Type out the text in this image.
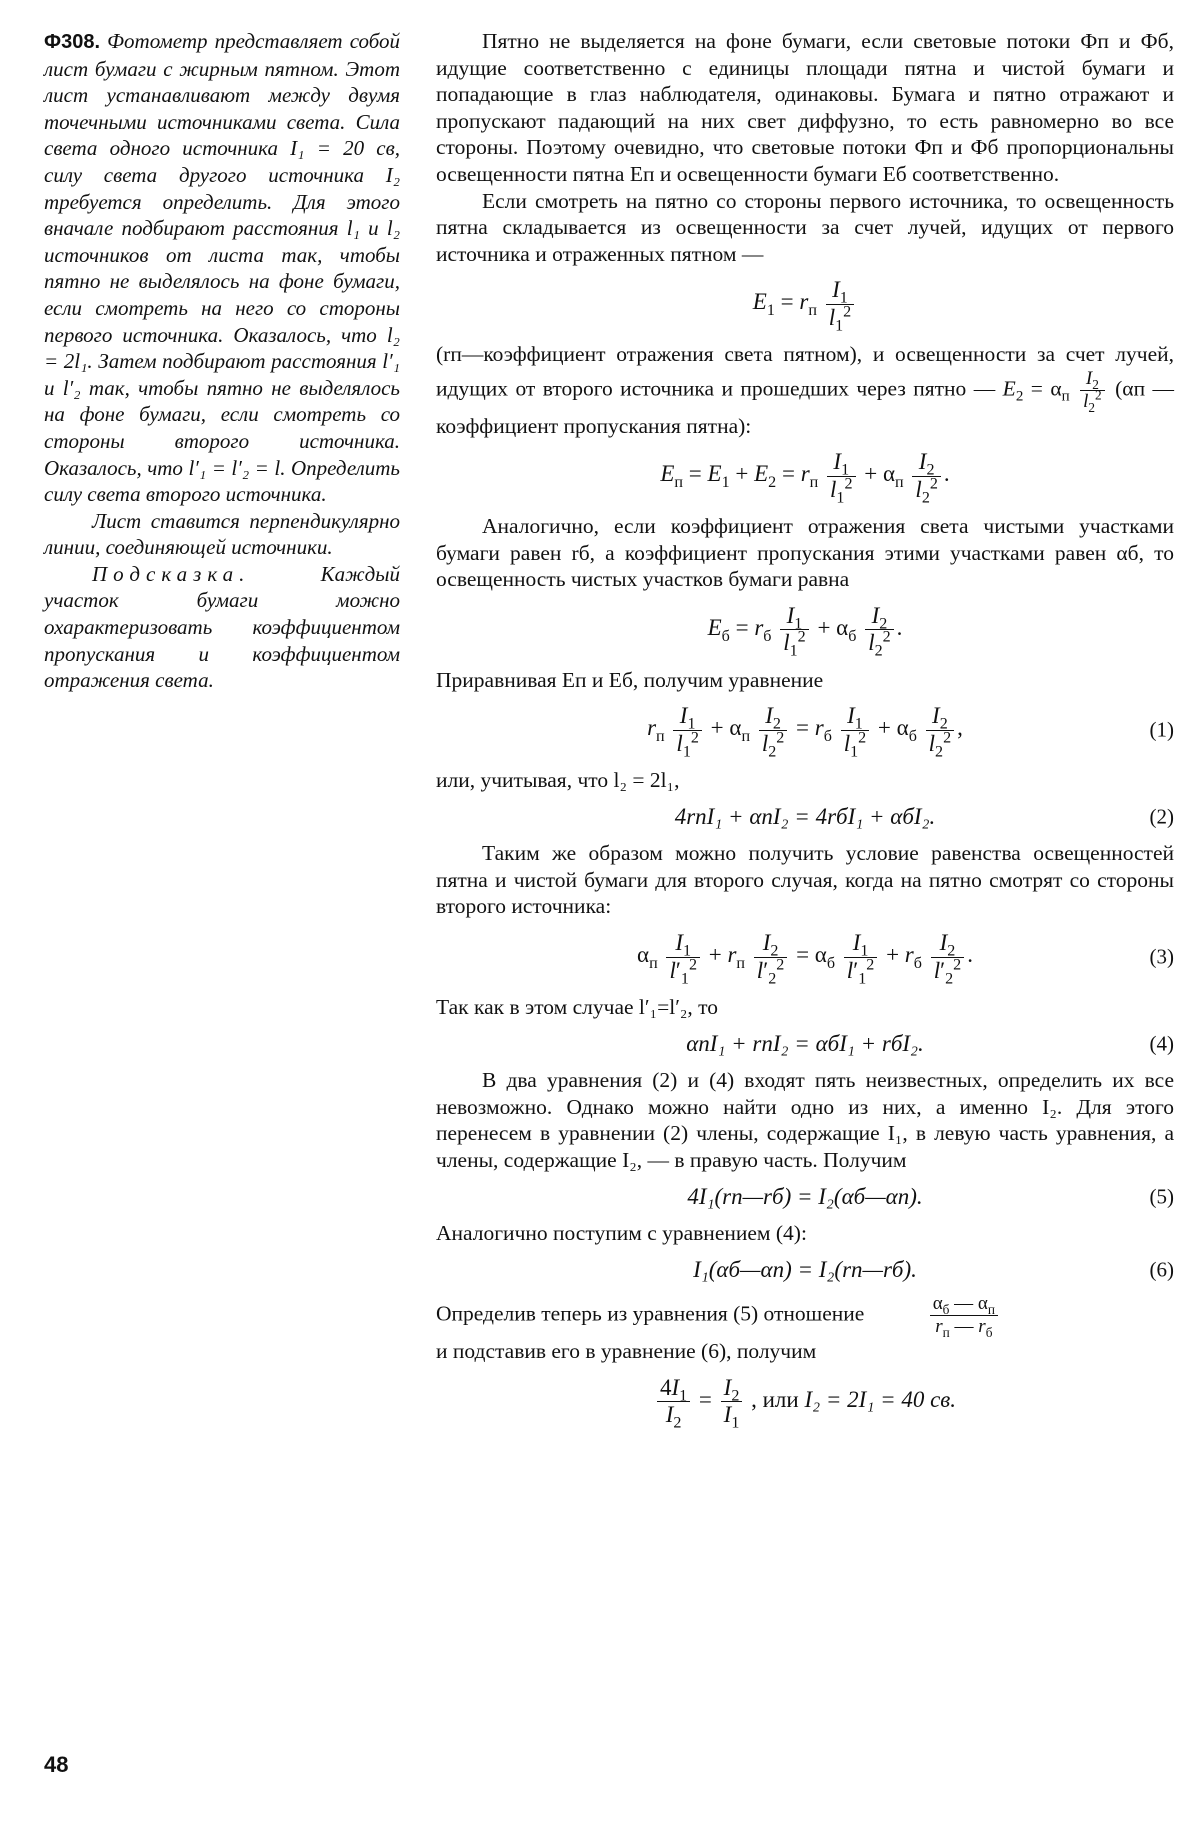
Ф308. Фотометр представляет собой лист бумаги с жирным пятном. Этот лист устанавливают между двумя точечными источниками света. Сила света одного источника I₁ = 20 св, силу света другого источника I₂ требуется определить. Для этого вначале подбирают расстояния l₁ и l₂ источников от листа так, чтобы пятно не выделялось на фоне бумаги, если смотреть на него со стороны первого источника. Оказалось, что l₂ = 2l₁. Затем подбирают расстояния l′₁ и l′₂ так, чтобы пятно не выделялось на фоне бумаги, если смотреть со стороны второго источника. Оказалось, что l′₁ = l′₂ = l. Определить силу света второго источника.

Лист ставится перпендикулярно линии, соединяющей источники.

Подсказка.	Каждый участок бумаги можно охарактеризовать коэффициентом пропускания и коэффициентом отражения света.

Пятно не выделяется на фоне бумаги, если световые потоки Фп и Фб, идущие соответственно с единицы площади пятна и чистой бумаги и попадающие в глаз наблюдателя, одинаковы. Бумага и пятно отражают и пропускают падающий на них свет диффузно, то есть равномерно во все стороны. Поэтому очевидно, что световые потоки Фп и Фб пропорциональны освещенности пятна Eп и освещенности бумаги Eб соответственно.

Если смотреть на пятно со стороны первого источника, то освещенность пятна складывается из освещенности за счет лучей, идущих от первого источника и отраженных пятном —

$E_1 = r_п \frac{I_1}{l_1^2}$

(rп—коэффициент отражения света пятном), и освещенности за счет лучей, идущих от второго источника и прошедших через пятно — $E_2 = \alpha_п \frac{I_2}{l_2^2} (\alpha п$ — коэффициент пропускания пятна):

$E_п = E_1 + E_2 = r_п \frac{I_1}{l_1^2} + \alpha_п \frac{I_2}{l_2^2}$ .

Аналогично, если коэффициент отражения света чистыми участками бумаги равен rб, а коэффициент пропускания этими участками равен αб, то освещенность чистых участков бумаги равна

$E_б = r_б \frac{I_1}{l_1^2} + \alpha_б \frac{I_2}{l_2^2}$ .

Приравнивая Eп и Eб, получим уравнение

$r_п \frac{I_1}{l_1^2} + \alpha_п \frac{I_2}{l_2^2} = r_б \frac{I_1}{l_1^2} + \alpha_б \frac{I_2}{l_2^2}$ ,	(1)

или, учитывая, что l₂ = 2l₁,

4rпI₁ + αпI₂ = 4rбI₁ + αбI₂.	(2)

Таким же образом можно получить условие равенства освещенностей пятна и чистой бумаги для второго случая, когда на пятно смотрят со стороны второго источника:

$\alpha_п \frac{I_1}{l'_1^2} + r_п \frac{I_2}{l'_2^2} = \alpha_б \frac{I_1}{l'_1^2} + r_б \frac{I_2}{l'_2^2}$ .	(3)

Так как в этом случае l′₁=l′₂, то

αпI₁ + rпI₂ = αбI₁ + rбI₂.	(4)

В два уравнения (2) и (4) входят пять неизвестных, определить их все невозможно. Однако можно найти одно из них, а именно I₂. Для этого перенесем в уравнении (2) члены, содержащие I₁, в левую часть уравнения, а члены, содержащие I₂, — в правую часть. Получим

4I₁(rп—rб) = I₂(αб—αп).	(5)

Аналогично поступим с уравнением (4):

I₁(αб—αп) = I₂(rп—rб).	(6)

Определив теперь из уравнения (5) отношение	$\frac{\alpha_б — \alpha_п}{r_п — r_б}$

и подставив его в уравнение (6), получим

$\frac{4I_1}{I_2} = \frac{I_2}{I_1}$ , или I₂ = 2I₁ = 40 св.
48
